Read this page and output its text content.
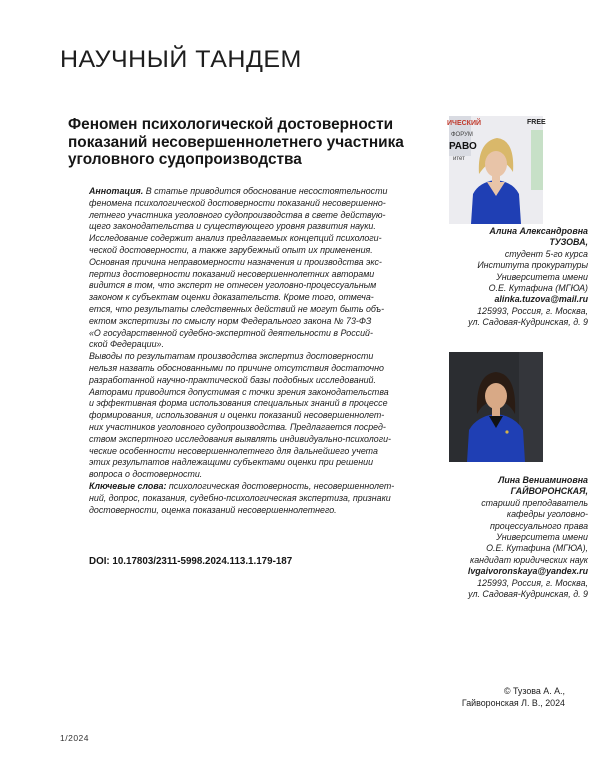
НАУЧНЫЙ ТАНДЕМ
Феномен психологической достоверности показаний несовершеннолетнего участника уголовного судопроизводства

Аннотация. В статье приводится обоснование несостоятельности
феномена психологической достоверности показаний несовершенно-
летнего участника уголовного судопроизводства в свете действую-
щего законодательства и существующего уровня развития науки.
Исследование содержит анализ предлагаемых концепций психологи-
ческой достоверности, а также зарубежный опыт их применения.
Основная причина неправомерности назначения и производства экс-
пертиз достоверности показаний несовершеннолетних авторами
видится в том, что эксперт не отнесен уголовно-процессуальным
законом к субъектам оценки доказательств. Кроме того, отмеча-
ется, что результаты следственных действий не могут быть объ-
ектом экспертизы по смыслу норм Федерального закона № 73-ФЗ
«О государственной судебно-экспертной деятельности в Россий-
ской Федерации».

Выводы по результатам производства экспертиз достоверности
нельзя назвать обоснованными по причине отсутствия достаточно
разработанной научно-практической базы подобных исследований.
Авторами приводится допустимая с точки зрения законодательства
и эффективная форма использования специальных знаний в процессе
формирования, использования и оценки показаний несовершеннолет-
них участников уголовного судопроизводства. Предлагается посред-
ством экспертного исследования выявлять индивидуально-психологи-
ческие особенности несовершеннолетнего для дальнейшего учета
этих результатов надлежащими субъектами оценки при решении
вопроса о достоверности.

Ключевые слова: психологическая достоверность, несовершеннолет-
ний, допрос, показания, судебно-психологическая экспертиза, признаки
достоверности, оценка показаний несовершеннолетнего.

DOI: 10.17803/2311-5998.2024.113.1.179-187
ИЧЕСКИЙ
ФОРУМ
РАВО
итет
FREE
Алина Александровна
ТУЗОВА,
студент 5-го курса
Института прокуратуры
Университета имени
О.Е. Кутафина (МГЮА)
alinka.tuzova@mail.ru
125993, Россия, г. Москва,
ул. Садовая-Кудринская, д. 9
Лина Вениаминовна
ГАЙВОРОНСКАЯ,
старший преподаватель
кафедры уголовно-
процессуального права
Университета имени
О.Е. Кутафина (МГЮА),
кандидат юридических наук
lvgaivoronskaya@yandex.ru
125993, Россия, г. Москва,
ул. Садовая-Кудринская, д. 9
© Тузова А. А.,
Гайворонская Л. В., 2024
1/2024
